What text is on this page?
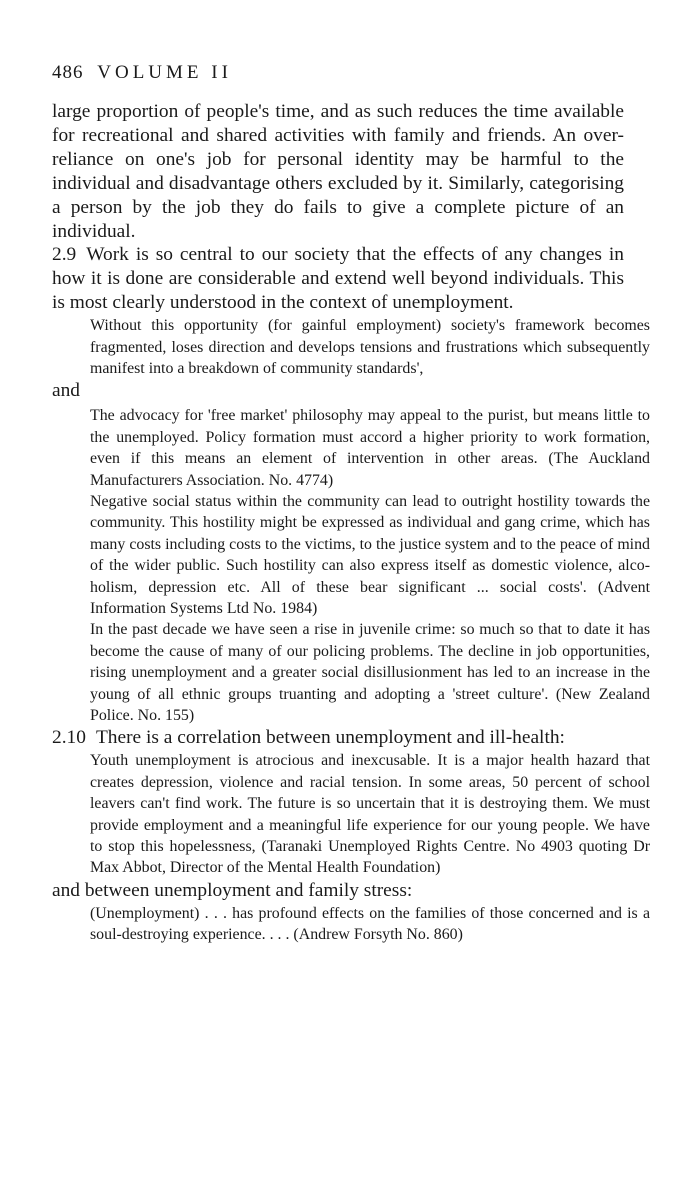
486 VOLUME II

large proportion of people's time, and as such reduces the time available for recreational and shared activities with family and friends. An over-reliance on one's job for personal identity may be harmful to the individual and disadvantage others excluded by it. Similarly, categorising a person by the job they do fails to give a complete picture of an individual.

2.9 Work is so central to our society that the effects of any changes in how it is done are considerable and extend well beyond individuals. This is most clearly understood in the context of unemployment.

Without this opportunity (for gainful employment) society's framework becomes fragmented, loses direction and develops tensions and frustrations which subsequently manifest into a breakdown of community standards',

and

The advocacy for 'free market' philosophy may appeal to the purist, but means little to the unemployed. Policy formation must accord a higher priority to work formation, even if this means an element of intervention in other areas. (The Auckland Manufacturers Association. No. 4774)

Negative social status within the community can lead to outright hostility towards the community. This hostility might be expressed as individual and gang crime, which has many costs including costs to the victims, to the justice system and to the peace of mind of the wider public. Such hostility can also express itself as domestic violence, alcoholism, depression etc. All of these bear significant ... social costs'. (Advent Information Systems Ltd No. 1984)

In the past decade we have seen a rise in juvenile crime: so much so that to date it has become the cause of many of our policing problems. The decline in job opportunities, rising unemployment and a greater social disillusionment has led to an increase in the young of all ethnic groups truanting and adopting a 'street culture'. (New Zealand Police. No. 155)

2.10 There is a correlation between unemployment and ill-health:

Youth unemployment is atrocious and inexcusable. It is a major health hazard that creates depression, violence and racial tension. In some areas, 50 percent of school leavers can't find work. The future is so uncertain that it is destroying them. We must provide employment and a meaningful life experience for our young people. We have to stop this hopelessness, (Taranaki Unemployed Rights Centre. No 4903 quoting Dr Max Abbot, Director of the Mental Health Foundation)

and between unemployment and family stress:

(Unemployment) . . . has profound effects on the families of those concerned and is a soul-destroying experience. . . . (Andrew Forsyth No. 860)
